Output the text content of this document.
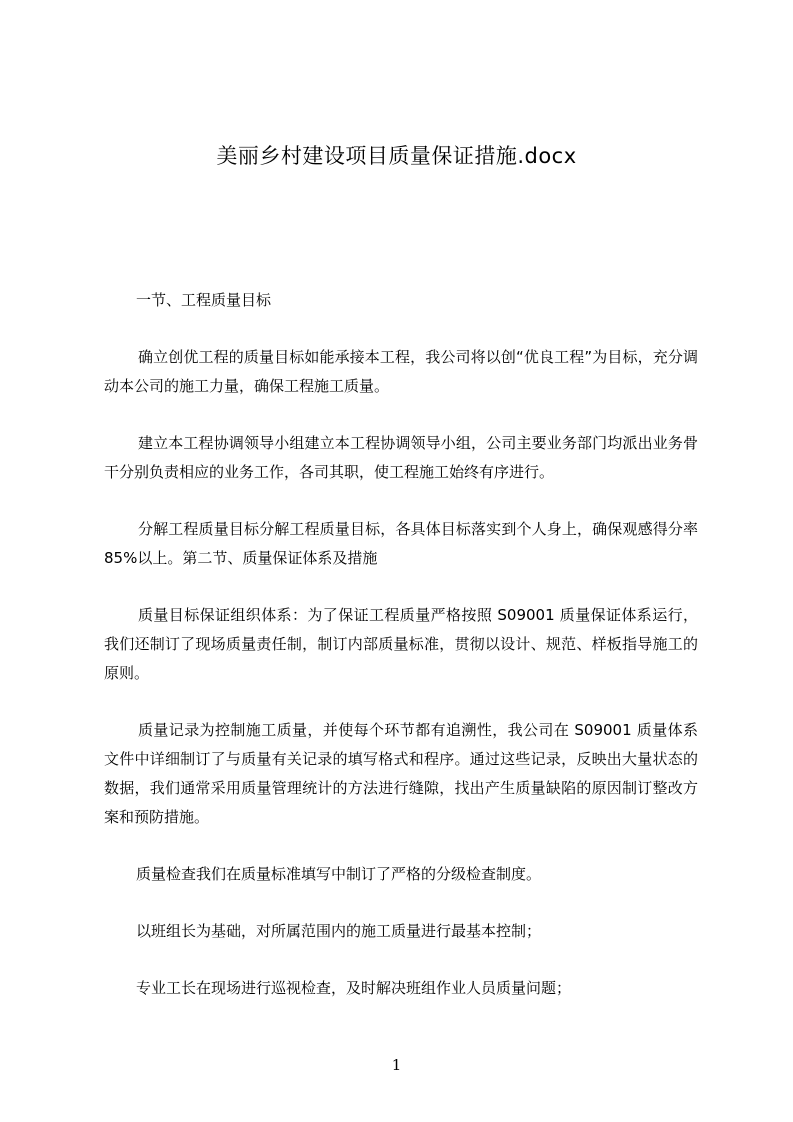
美丽乡村建设项目质量保证措施.docx
一节、工程质量目标

确立创优工程的质量目标如能承接本工程，我公司将以创“优良工程”为目标，充分调动本公司的施工力量，确保工程施工质量。

建立本工程协调领导小组建立本工程协调领导小组，公司主要业务部门均派出业务骨干分别负责相应的业务工作，各司其职，使工程施工始终有序进行。

分解工程质量目标分解工程质量目标，各具体目标落实到个人身上，确保观感得分率 85%以上。第二节、质量保证体系及措施

质量目标保证组织体系：为了保证工程质量严格按照 S09001 质量保证体系运行，我们还制订了现场质量责任制，制订内部质量标准，贯彻以设计、规范、样板指导施工的原则。

质量记录为控制施工质量，并使每个环节都有追溯性，我公司在 S09001 质量体系文件中详细制订了与质量有关记录的填写格式和程序。通过这些记录，反映出大量状态的数据，我们通常采用质量管理统计的方法进行缝隙，找出产生质量缺陷的原因制订整改方案和预防措施。

质量检查我们在质量标准填写中制订了严格的分级检查制度。

以班组长为基础，对所属范围内的施工质量进行最基本控制；

专业工长在现场进行巡视检查，及时解决班组作业人员质量问题；

1
